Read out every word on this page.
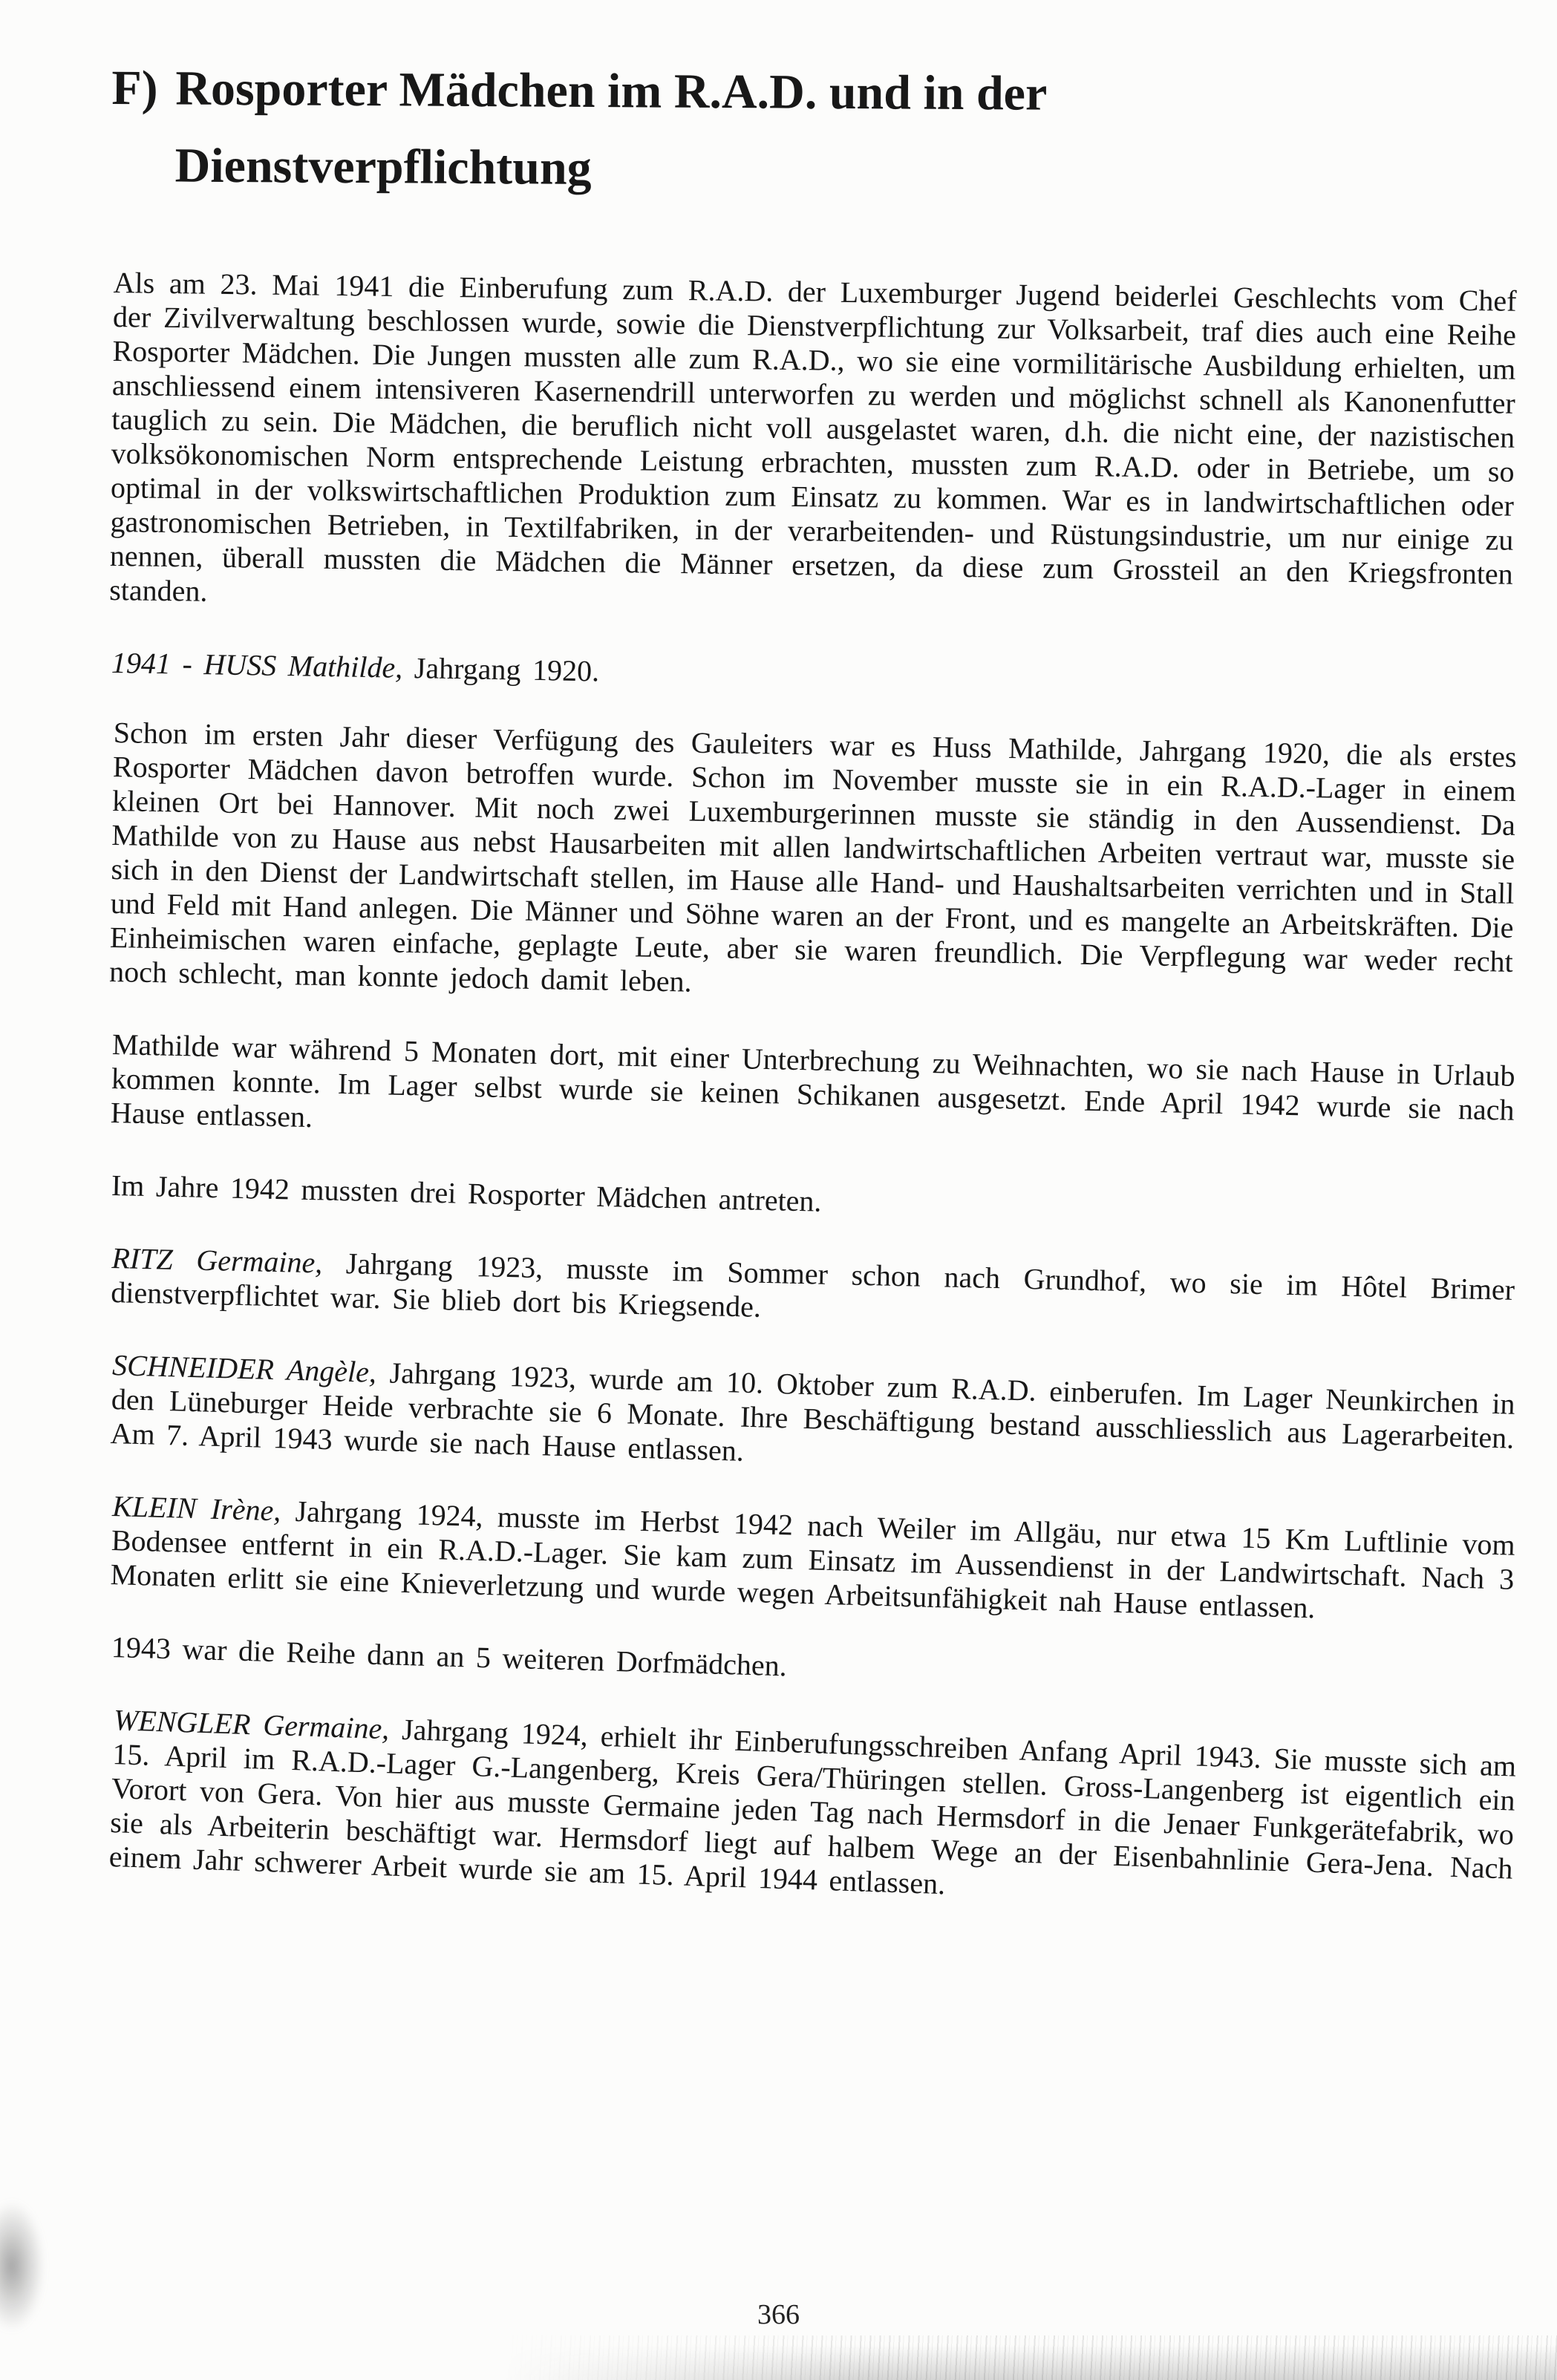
F) Rosporter Mädchen im R.A.D. und in der
Dienstverpflichtung

Als am 23. Mai 1941 die Einberufung zum R.A.D. der Luxemburger Jugend beiderlei Geschlechts vom Chef der Zivilverwaltung beschlossen wurde, sowie die Dienstverpflichtung zur Volksarbeit, traf dies auch eine Reihe Rosporter Mädchen. Die Jungen mussten alle zum R.A.D., wo sie eine vormilitärische Ausbildung erhielten, um anschliessend einem intensiveren Kasernendrill unterworfen zu werden und möglichst schnell als Kanonenfutter tauglich zu sein. Die Mädchen, die beruflich nicht voll ausgelastet waren, d.h. die nicht eine, der nazistischen volksökonomischen Norm entsprechende Leistung erbrachten, mussten zum R.A.D. oder in Betriebe, um so optimal in der volkswirtschaftlichen Produktion zum Einsatz zu kommen. War es in landwirtschaftlichen oder gastronomischen Betrieben, in Textilfabriken, in der verarbeitenden- und Rüstungsindustrie, um nur einige zu nennen, überall mussten die Mädchen die Männer ersetzen, da diese zum Grossteil an den Kriegsfronten standen.

1941 - HUSS Mathilde, Jahrgang 1920.

Schon im ersten Jahr dieser Verfügung des Gauleiters war es Huss Mathilde, Jahrgang 1920, die als erstes Rosporter Mädchen davon betroffen wurde. Schon im November musste sie in ein R.A.D.-Lager in einem kleinen Ort bei Hannover. Mit noch zwei Luxemburgerinnen musste sie ständig in den Aussendienst. Da Mathilde von zu Hause aus nebst Hausarbeiten mit allen landwirtschaftlichen Arbeiten vertraut war, musste sie sich in den Dienst der Landwirtschaft stellen, im Hause alle Hand- und Haushaltsarbeiten verrichten und in Stall und Feld mit Hand anlegen. Die Männer und Söhne waren an der Front, und es mangelte an Arbeitskräften. Die Einheimischen waren einfache, geplagte Leute, aber sie waren freundlich. Die Verpflegung war weder recht noch schlecht, man konnte jedoch damit leben.

Mathilde war während 5 Monaten dort, mit einer Unterbrechung zu Weihnachten, wo sie nach Hause in Urlaub kommen konnte. Im Lager selbst wurde sie keinen Schikanen ausgesetzt. Ende April 1942 wurde sie nach Hause entlassen.

Im Jahre 1942 mussten drei Rosporter Mädchen antreten.

RITZ Germaine, Jahrgang 1923, musste im Sommer schon nach Grundhof, wo sie im Hôtel Brimer dienstverpflichtet war. Sie blieb dort bis Kriegsende.

SCHNEIDER Angèle, Jahrgang 1923, wurde am 10. Oktober zum R.A.D. einberufen. Im Lager Neunkirchen in den Lüneburger Heide verbrachte sie 6 Monate. Ihre Beschäftigung bestand ausschliesslich aus Lagerarbeiten. Am 7. April 1943 wurde sie nach Hause entlassen.

KLEIN Irène, Jahrgang 1924, musste im Herbst 1942 nach Weiler im Allgäu, nur etwa 15 Km Luftlinie vom Bodensee entfernt in ein R.A.D.-Lager. Sie kam zum Einsatz im Aussendienst in der Landwirtschaft. Nach 3 Monaten erlitt sie eine Knieverletzung und wurde wegen Arbeitsunfähigkeit nah Hause entlassen.

1943 war die Reihe dann an 5 weiteren Dorfmädchen.

WENGLER Germaine, Jahrgang 1924, erhielt ihr Einberufungsschreiben Anfang April 1943. Sie musste sich am 15. April im R.A.D.-Lager G.-Langenberg, Kreis Gera/Thüringen stellen. Gross-Langenberg ist eigentlich ein Vorort von Gera. Von hier aus musste Germaine jeden Tag nach Hermsdorf in die Jenaer Funkgerätefabrik, wo sie als Arbeiterin beschäftigt war. Hermsdorf liegt auf halbem Wege an der Eisenbahnlinie Gera-Jena. Nach einem Jahr schwerer Arbeit wurde sie am 15. April 1944 entlassen.

366
